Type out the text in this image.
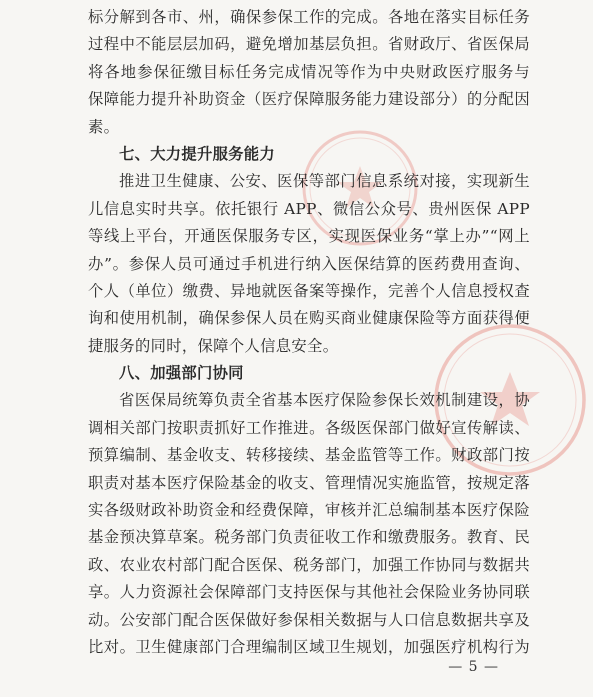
标分解到各市、州，确保参保工作的完成。各地在落实目标任务
过程中不能层层加码，避免增加基层负担。省财政厅、省医保局
将各地参保征缴目标任务完成情况等作为中央财政医疗服务与
保障能力提升补助资金（医疗保障服务能力建设部分）的分配因
素。
七、大力提升服务能力
推进卫生健康、公安、医保等部门信息系统对接，实现新生
儿信息实时共享。依托银行 APP、微信公众号、贵州医保 APP
等线上平台，开通医保服务专区，实现医保业务“掌上办”“网上
办”。参保人员可通过手机进行纳入医保结算的医药费用查询、
个人（单位）缴费、异地就医备案等操作，完善个人信息授权查
询和使用机制，确保参保人员在购买商业健康保险等方面获得便
捷服务的同时，保障个人信息安全。
八、加强部门协同
省医保局统筹负责全省基本医疗保险参保长效机制建设，协
调相关部门按职责抓好工作推进。各级医保部门做好宣传解读、
预算编制、基金收支、转移接续、基金监管等工作。财政部门按
职责对基本医疗保险基金的收支、管理情况实施监管，按规定落
实各级财政补助资金和经费保障，审核并汇总编制基本医疗保险
基金预决算草案。税务部门负责征收工作和缴费服务。教育、民
政、农业农村部门配合医保、税务部门，加强工作协同与数据共
享。人力资源社会保障部门支持医保与其他社会保险业务协同联
动。公安部门配合医保做好参保相关数据与人口信息数据共享及
比对。卫生健康部门合理编制区域卫生规划，加强医疗机构行为
— 5 —
